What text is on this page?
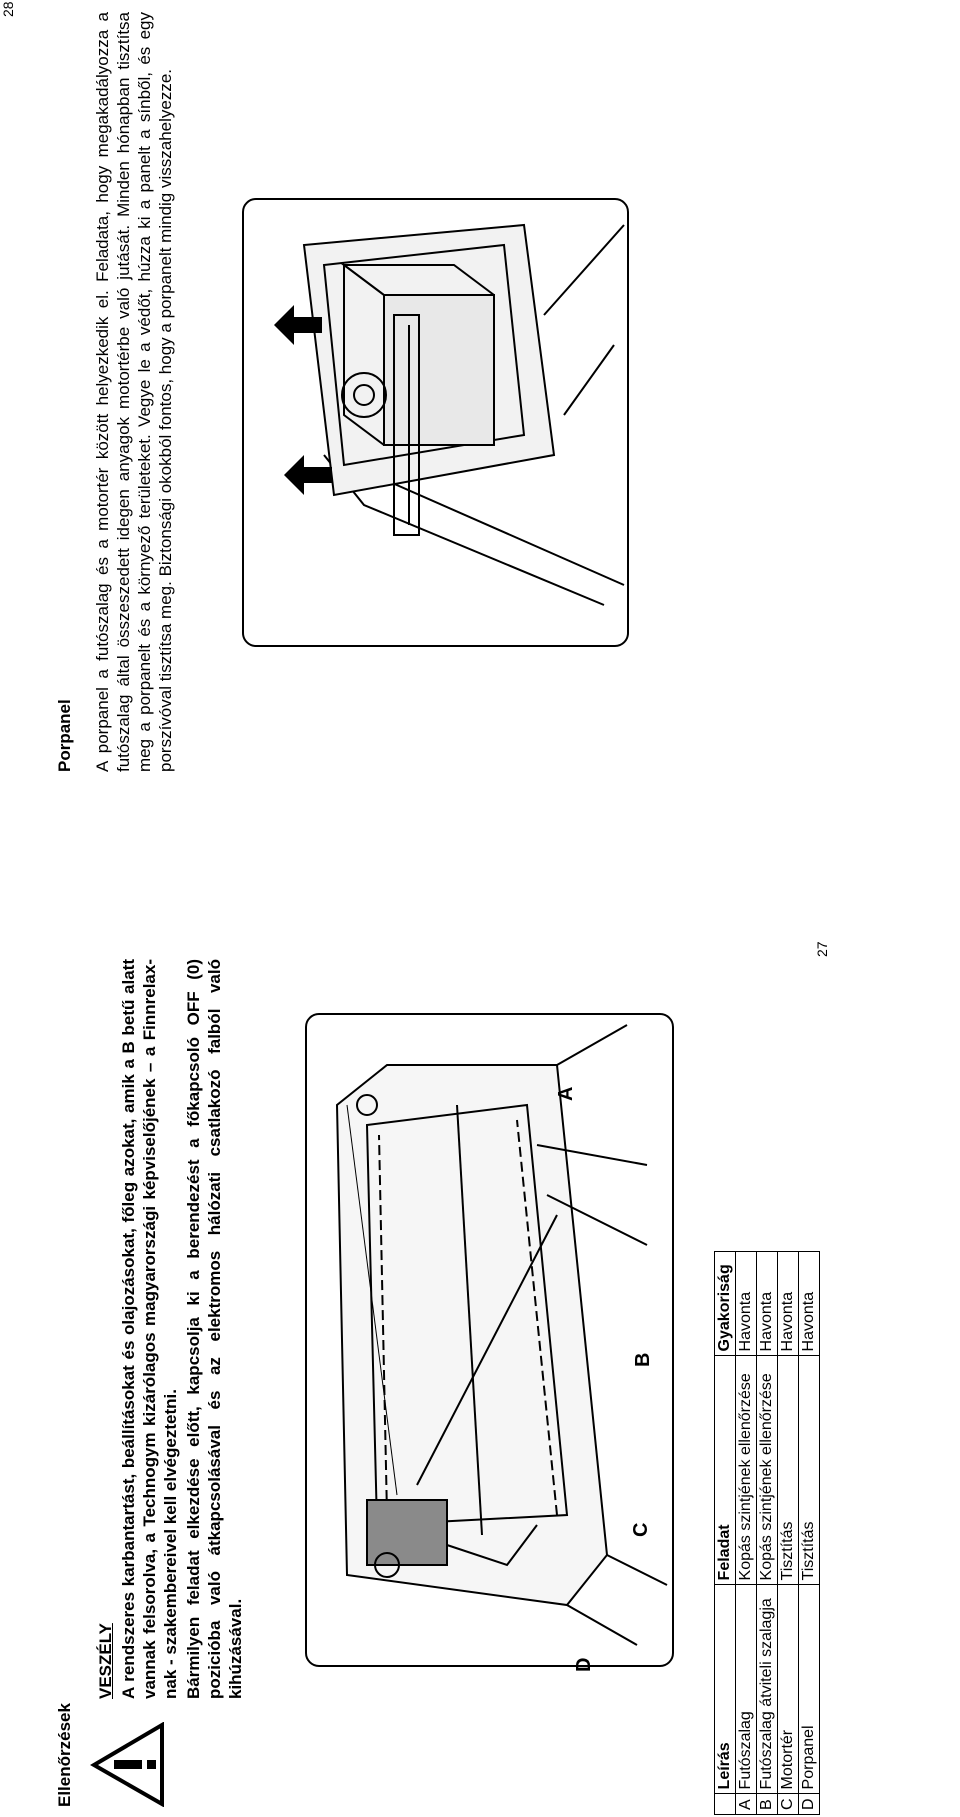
27
Ellenőrzések
VESZÉLY A rendszeres karbantartást, beállításokat és olajozásokat, főleg azokat, amik a B betű alatt vannak felsorolva, a Technogym kizárólagos magyarországi képviselőjének – a Finnrelax-nak - szakembereivel kell elvégeztetni. Bármilyen feladat elkezdése előtt, kapcsolja ki a berendezést a főkapcsoló OFF (0) pozicióba való átkapcsolásával és az elektromos hálózati csatlakozó falból való kihúzásával.
A
B
C
D
	Leírás	Feladat	Gyakoriság
A	Futószalag	Kopás szintjének ellenőrzése	Havonta
B	Futószalag átviteli szalagja	Kopás szintjének ellenőrzése	Havonta
C	Motortér	Tisztítás	Havonta
D	Porpanel	Tisztítás	Havonta
28
Porpanel A porpanel a futószalag és a motortér között helyezkedik el. Feladata, hogy megakadályozza a futószalag által összeszedett idegen anyagok motortérbe való jutását. Minden hónapban tisztítsa meg a porpanelt és a környező területeket. Vegye le a védőt, húzza ki a panelt a sínből, és egy porszívóval tisztítsa meg. Biztonsági okokból fontos, hogy a porpanelt mindig visszahelyezze.
